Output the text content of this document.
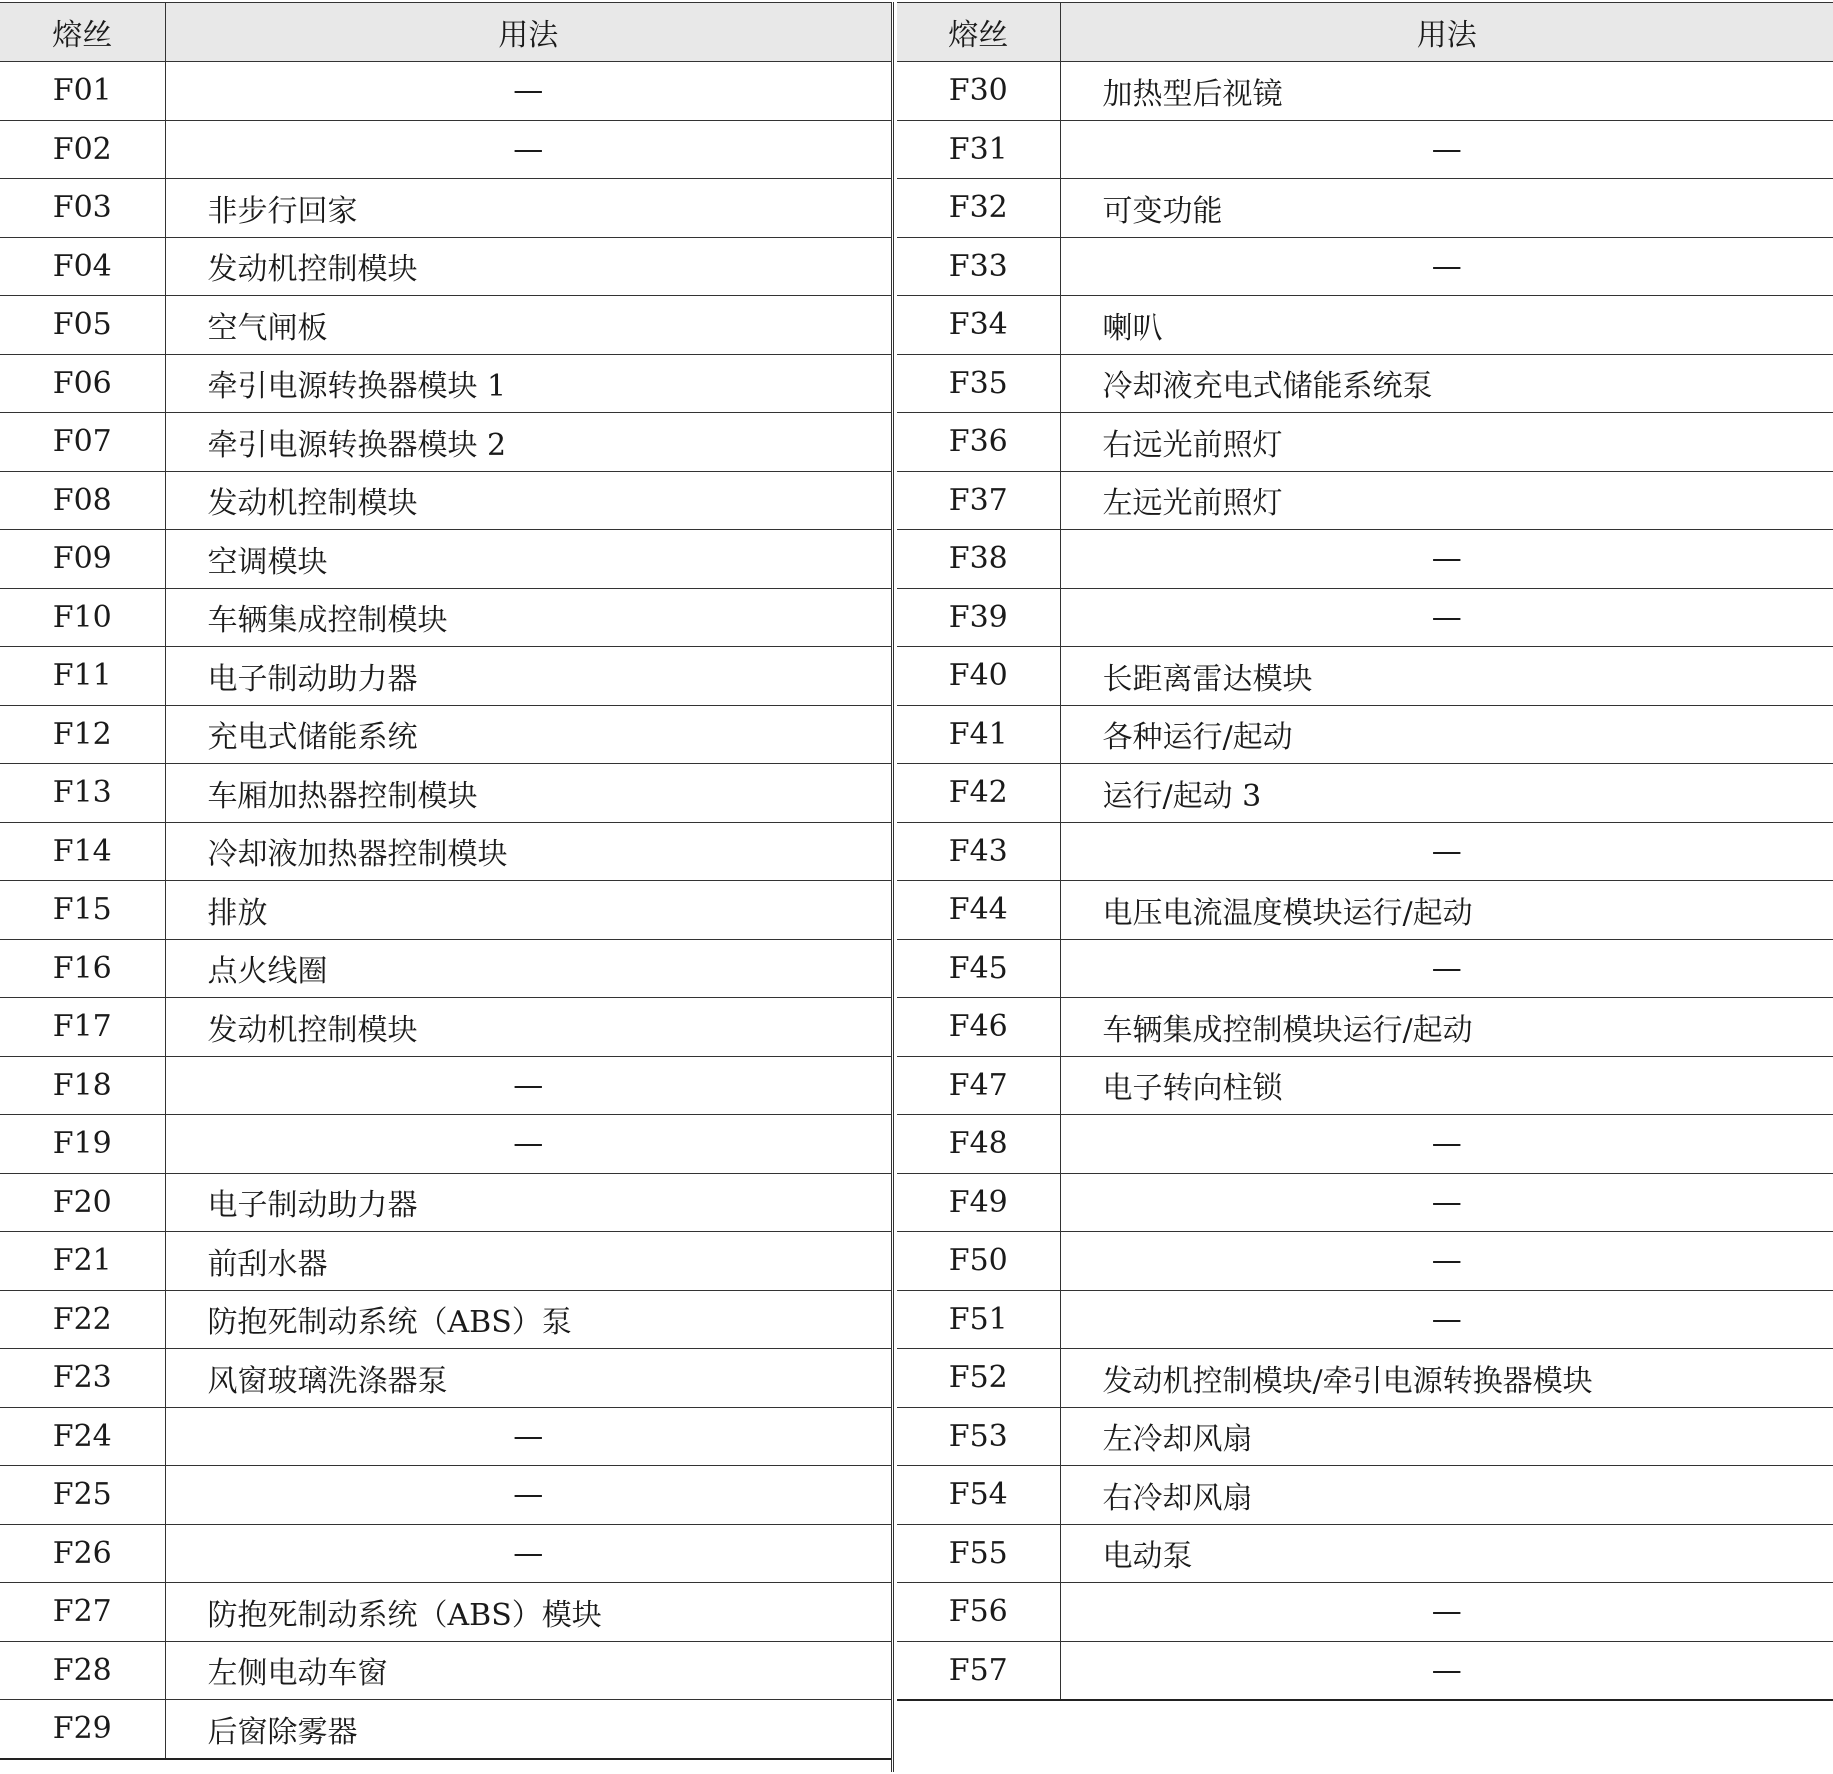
熔丝	用法
F01	—
F02	—
F03	非步行回家
F04	发动机控制模块
F05	空气闸板
F06	牵引电源转换器模块 1
F07	牵引电源转换器模块 2
F08	发动机控制模块
F09	空调模块
F10	车辆集成控制模块
F11	电子制动助力器
F12	充电式储能系统
F13	车厢加热器控制模块
F14	冷却液加热器控制模块
F15	排放
F16	点火线圈
F17	发动机控制模块
F18	—
F19	—
F20	电子制动助力器
F21	前刮水器
F22	防抱死制动系统（ABS）泵
F23	风窗玻璃洗涤器泵
F24	—
F25	—
F26	—
F27	防抱死制动系统（ABS）模块
F28	左侧电动车窗
F29	后窗除雾器
熔丝	用法
F30	加热型后视镜
F31	—
F32	可变功能
F33	—
F34	喇叭
F35	冷却液充电式储能系统泵
F36	右远光前照灯
F37	左远光前照灯
F38	—
F39	—
F40	长距离雷达模块
F41	各种运行/起动
F42	运行/起动 3
F43	—
F44	电压电流温度模块运行/起动
F45	—
F46	车辆集成控制模块运行/起动
F47	电子转向柱锁
F48	—
F49	—
F50	—
F51	—
F52	发动机控制模块/牵引电源转换器模块

F53	左冷却风扇
F54	右冷却风扇
F55	电动泵
F56	—
F57	—
